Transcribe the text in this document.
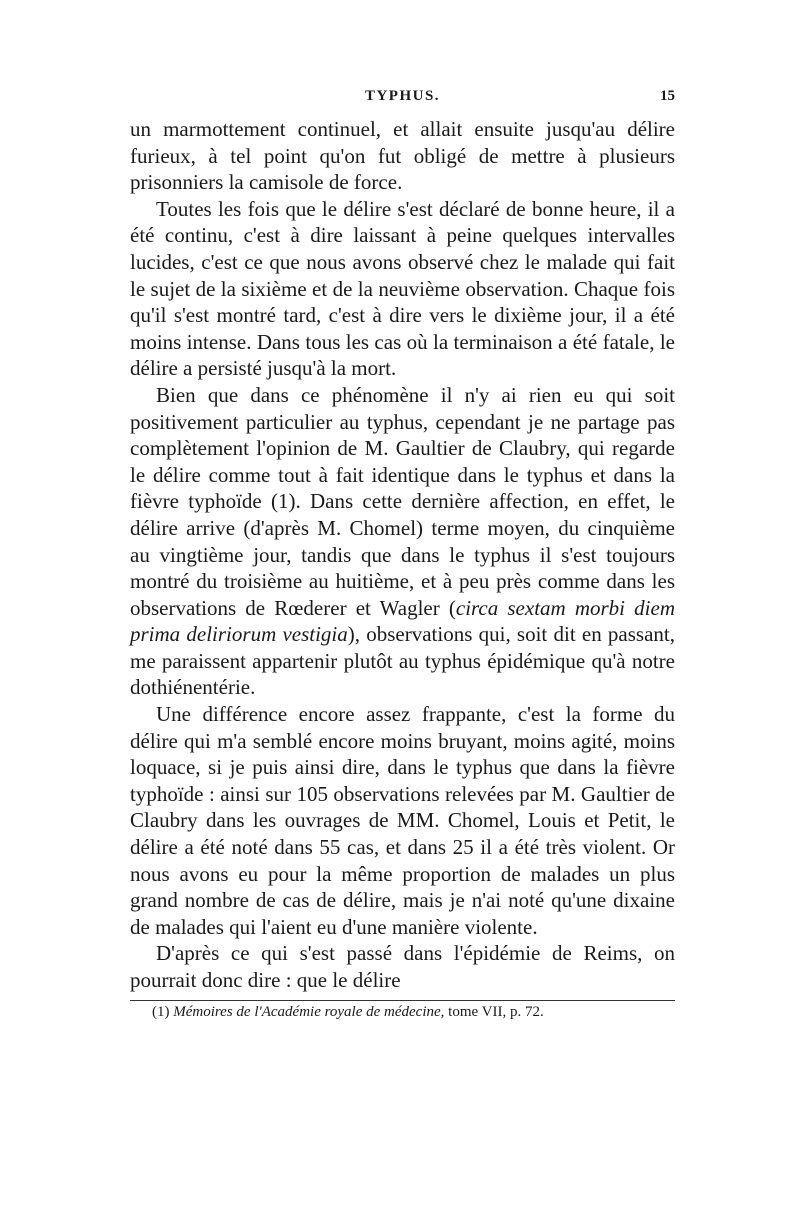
TYPHUS.	15

un marmottement continuel, et allait ensuite jusqu'au délire furieux, à tel point qu'on fut obligé de mettre à plusieurs prisonniers la camisole de force.

Toutes les fois que le délire s'est déclaré de bonne heure, il a été continu, c'est à dire laissant à peine quelques intervalles lucides, c'est ce que nous avons observé chez le malade qui fait le sujet de la sixième et de la neuvième observation. Chaque fois qu'il s'est montré tard, c'est à dire vers le dixième jour, il a été moins intense. Dans tous les cas où la terminaison a été fatale, le délire a persisté jusqu'à la mort.

Bien que dans ce phénomène il n'y ai rien eu qui soit positivement particulier au typhus, cependant je ne partage pas complètement l'opinion de M. Gaultier de Claubry, qui regarde le délire comme tout à fait identique dans le typhus et dans la fièvre typhoïde (1). Dans cette dernière affection, en effet, le délire arrive (d'après M. Chomel) terme moyen, du cinquième au vingtième jour, tandis que dans le typhus il s'est toujours montré du troisième au huitième, et à peu près comme dans les observations de Rœderer et Wagler (circa sextam morbi diem prima deliriorum vestigia), observations qui, soit dit en passant, me paraissent appartenir plutôt au typhus épidémique qu'à notre dothiénentérie.

Une différence encore assez frappante, c'est la forme du délire qui m'a semblé encore moins bruyant, moins agité, moins loquace, si je puis ainsi dire, dans le typhus que dans la fièvre typhoïde : ainsi sur 105 observations relevées par M. Gaultier de Claubry dans les ouvrages de MM. Chomel, Louis et Petit, le délire a été noté dans 55 cas, et dans 25 il a été très violent. Or nous avons eu pour la même proportion de malades un plus grand nombre de cas de délire, mais je n'ai noté qu'une dixaine de malades qui l'aient eu d'une manière violente.

D'après ce qui s'est passé dans l'épidémie de Reims, on pourrait donc dire : que le délire

(1) Mémoires de l'Académie royale de médecine, tome VII, p. 72.
